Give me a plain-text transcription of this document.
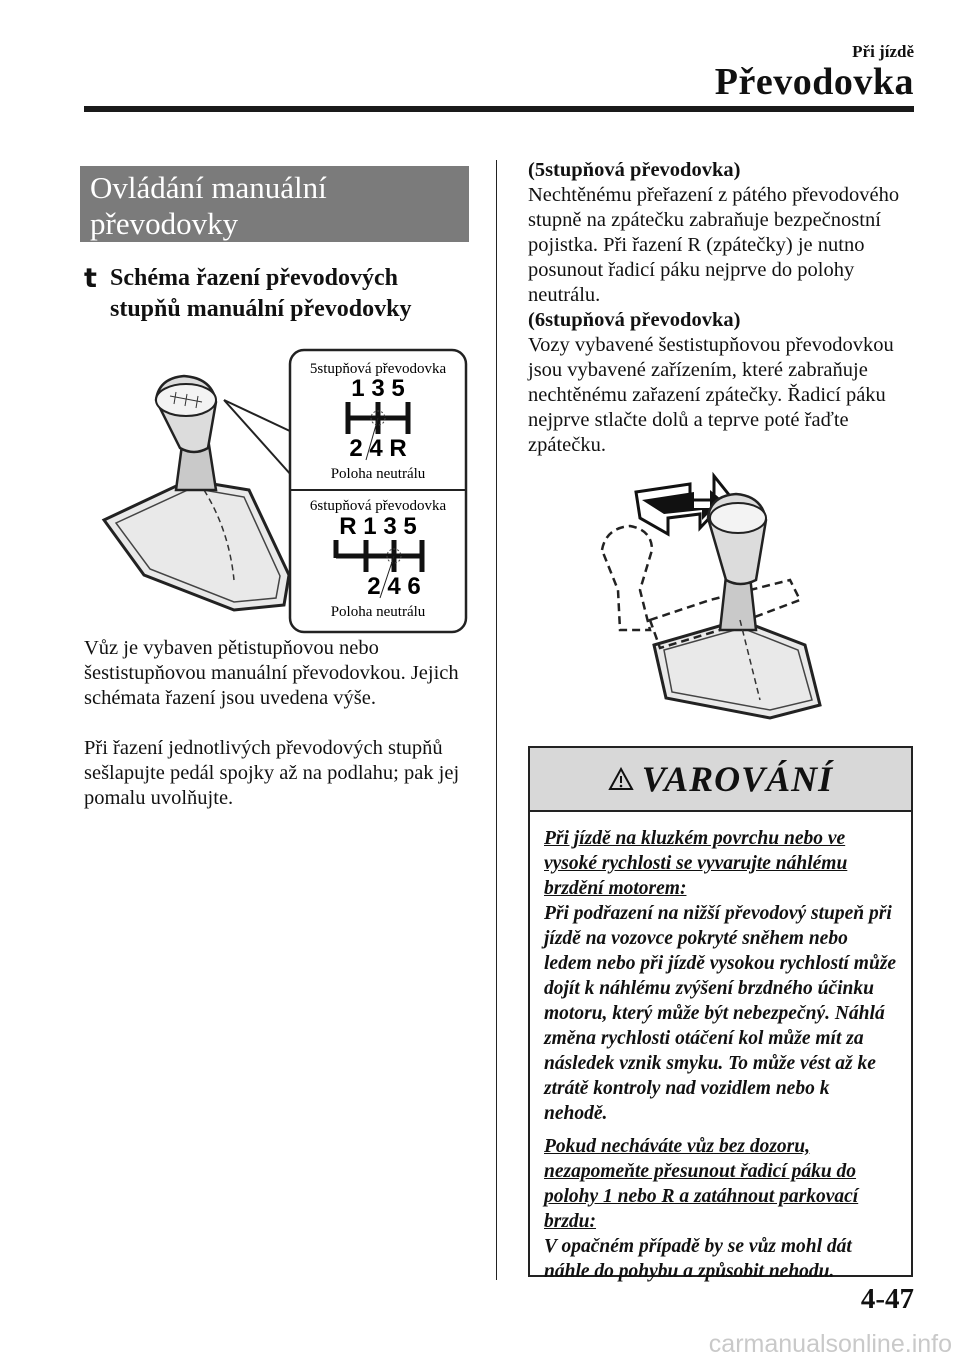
Při jízdě
Převodovka
Ovládání manuální
převodovky
t Schéma řazení převodových
stupňů manuální převodovky
5stupňová převodovka
1 3 5
2 4 R
Poloha neutrálu
6stupňová převodovka
R 1 3 5
2 4 6
Poloha neutrálu
Vůz je vybaven pětistupňovou nebo šestistupňovou manuální převodovkou. Jejich schémata řazení jsou uvedena výše.
Při řazení jednotlivých převodových stupňů sešlapujte pedál spojky až na podlahu; pak jej pomalu uvolňujte.
(5stupňová převodovka)
Nechtěnému přeřazení z pátého převodového stupně na zpátečku zabraňuje bezpečnostní pojistka. Při řazení R (zpátečky) je nutno posunout řadicí páku nejprve do polohy neutrálu.
(6stupňová převodovka)
Vozy vybavené šestistupňovou převodovkou jsou vybavené zařízením, které zabraňuje nechtěnému zařazení zpátečky. Řadicí páku nejprve stlačte dolů a teprve poté řaďte zpátečku.
VAROVÁNÍ
Při jízdě na kluzkém povrchu nebo ve vysoké rychlosti se vyvarujte náhlému brzdění motorem:
Při podřazení na nižší převodový stupeň při jízdě na vozovce pokryté sněhem nebo ledem nebo při jízdě vysokou rychlostí může dojít k náhlému zvýšení brzdného účinku motoru, který může být nebezpečný. Náhlá změna rychlosti otáčení kol může mít za následek vznik smyku. To může vést až ke ztrátě kontroly nad vozidlem nebo k nehodě.
Pokud necháváte vůz bez dozoru, nezapomeňte přesunout řadicí páku do polohy 1 nebo R a zatáhnout parkovací brzdu:
V opačném případě by se vůz mohl dát náhle do pohybu a způsobit nehodu.
4-47
carmanualsonline.info
